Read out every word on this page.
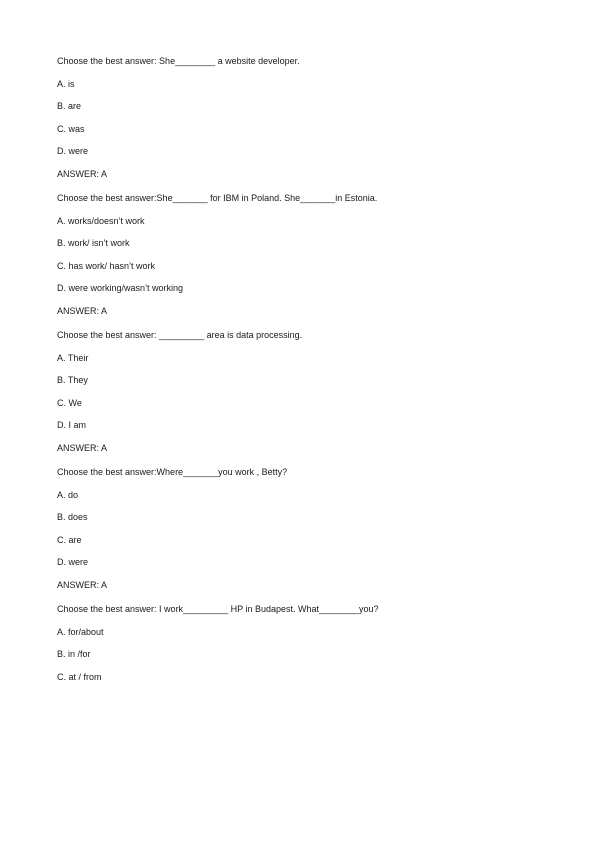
Choose the best answer: She________ a website developer.
A. is
B. are
C. was
D. were
ANSWER: A
Choose the best answer:She_______ for IBM in Poland. She_______in Estonia.
A. works/doesn’t work
B. work/ isn’t work
C. has work/ hasn’t work
D. were working/wasn’t working
ANSWER: A
Choose the best answer: _________ area is data processing.
A. Their
B. They
C. We
D. I am
ANSWER: A
Choose the best answer:Where_______you work , Betty?
A. do
B. does
C. are
D. were
ANSWER: A
Choose the best answer: I work_________ HP in Budapest. What________you?
A. for/about
B. in /for
C. at / from
